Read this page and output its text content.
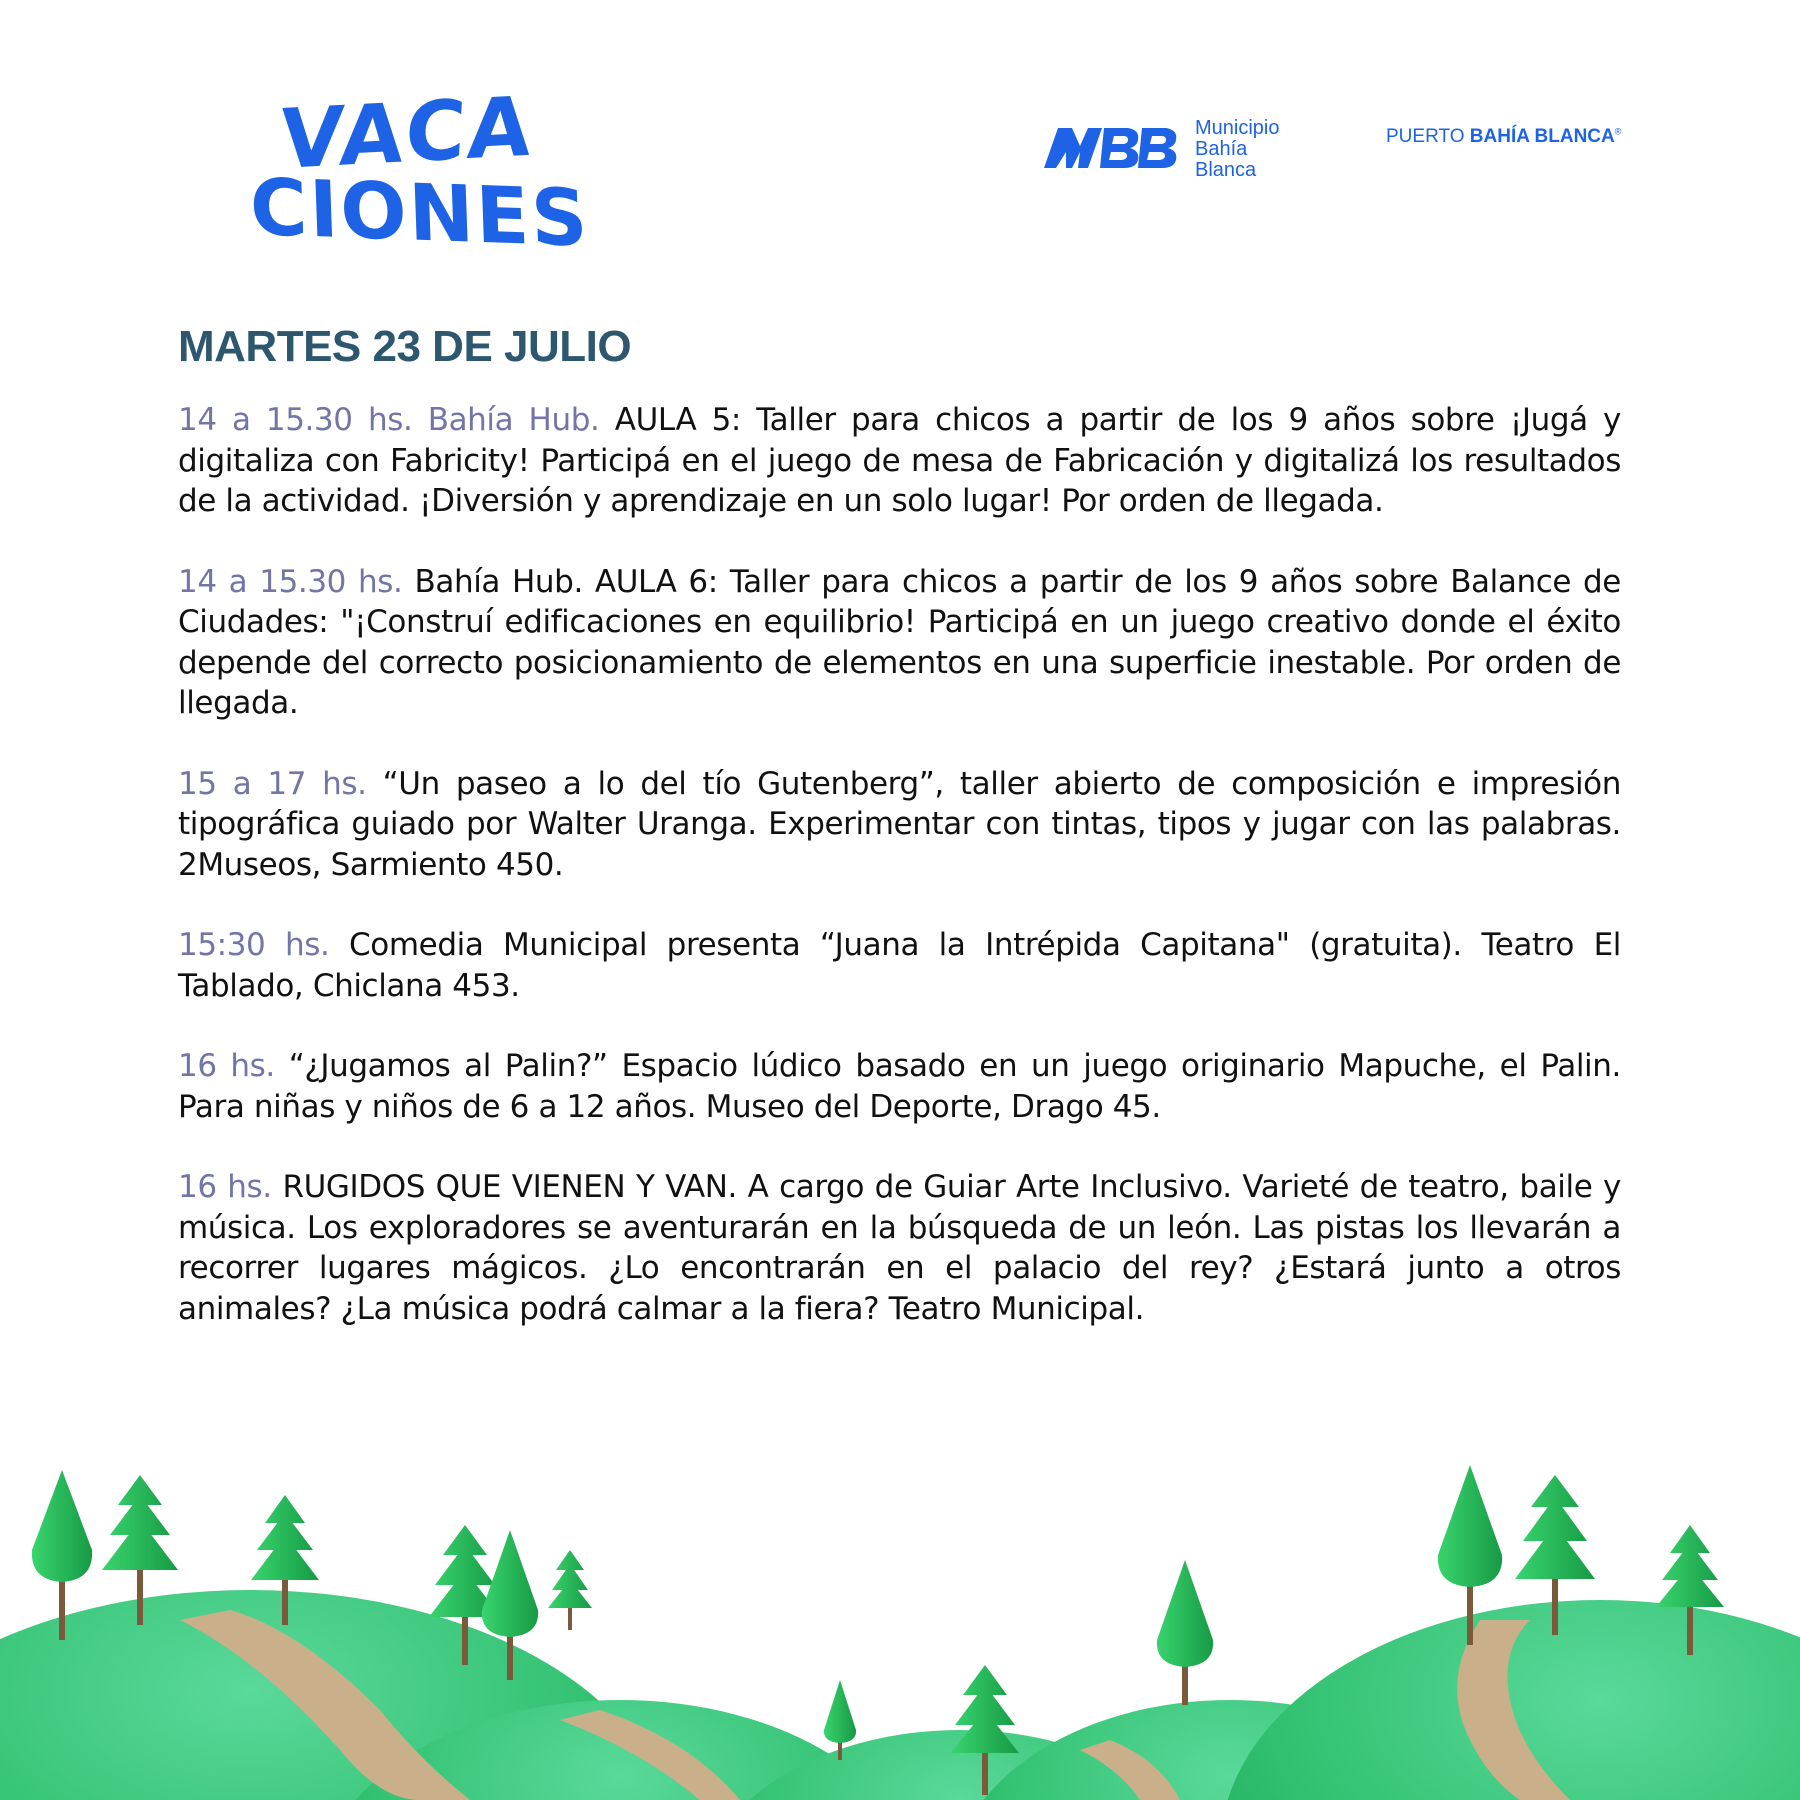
VACA
CIONES
Municipio
Bahía
Blanca
PUERTO BAHÍA BLANCA®
MARTES 23 DE JULIO

14 a 15.30 hs. Bahía Hub. AULA 5: Taller para chicos a partir de los 9 años sobre ¡Jugá y digitaliza con Fabricity! Participá en el juego de mesa de Fabricación y digitalizá los resultados de la actividad. ¡Diversión y aprendizaje en un solo lugar! Por orden de llegada.

14 a 15.30 hs. Bahía Hub. AULA 6: Taller para chicos a partir de los 9 años sobre Balance de Ciudades: "¡Construí edificaciones en equilibrio! Participá en un juego creativo donde el éxito depende del correcto posicionamiento de elementos en una superficie inestable. Por orden de llegada.

15 a 17 hs. “Un paseo a lo del tío Gutenberg”, taller abierto de composición e impresión tipográfica guiado por Walter Uranga. Experimentar con tintas, tipos y jugar con las palabras. 2Museos, Sarmiento 450.

15:30 hs. Comedia Municipal presenta “Juana la Intrépida Capitana" (gratuita). Teatro El Tablado, Chiclana 453.

16 hs. “¿Jugamos al Palin?” Espacio lúdico basado en un juego originario Mapuche, el Palin. Para niñas y niños de 6 a 12 años. Museo del Deporte, Drago 45.

16 hs. RUGIDOS QUE VIENEN Y VAN. A cargo de Guiar Arte Inclusivo. Varieté de teatro, baile y música. Los exploradores se aventurarán en la búsqueda de un león. Las pistas los llevarán a recorrer lugares mágicos. ¿Lo encontrarán en el palacio del rey? ¿Estará junto a otros animales? ¿La música podrá calmar a la fiera? Teatro Municipal.
